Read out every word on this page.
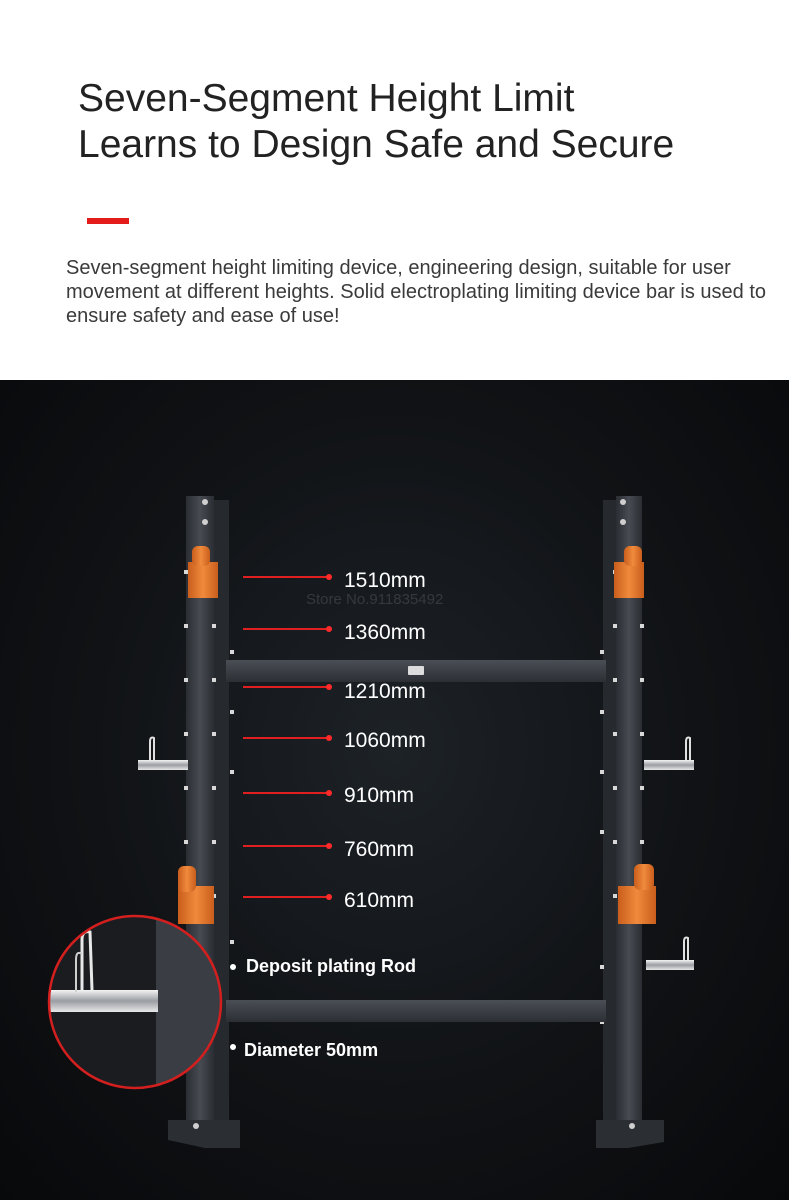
Seven-Segment Height Limit
Learns to Design Safe and Secure

Seven-segment height limiting device, engineering design, suitable for user movement at different heights. Solid electroplating limiting device bar is used to ensure safety and ease of use!

Store No.911835492
1510mm
1360mm
1210mm
1060mm
910mm
760mm
610mm
Deposit plating Rod
Diameter 50mm
